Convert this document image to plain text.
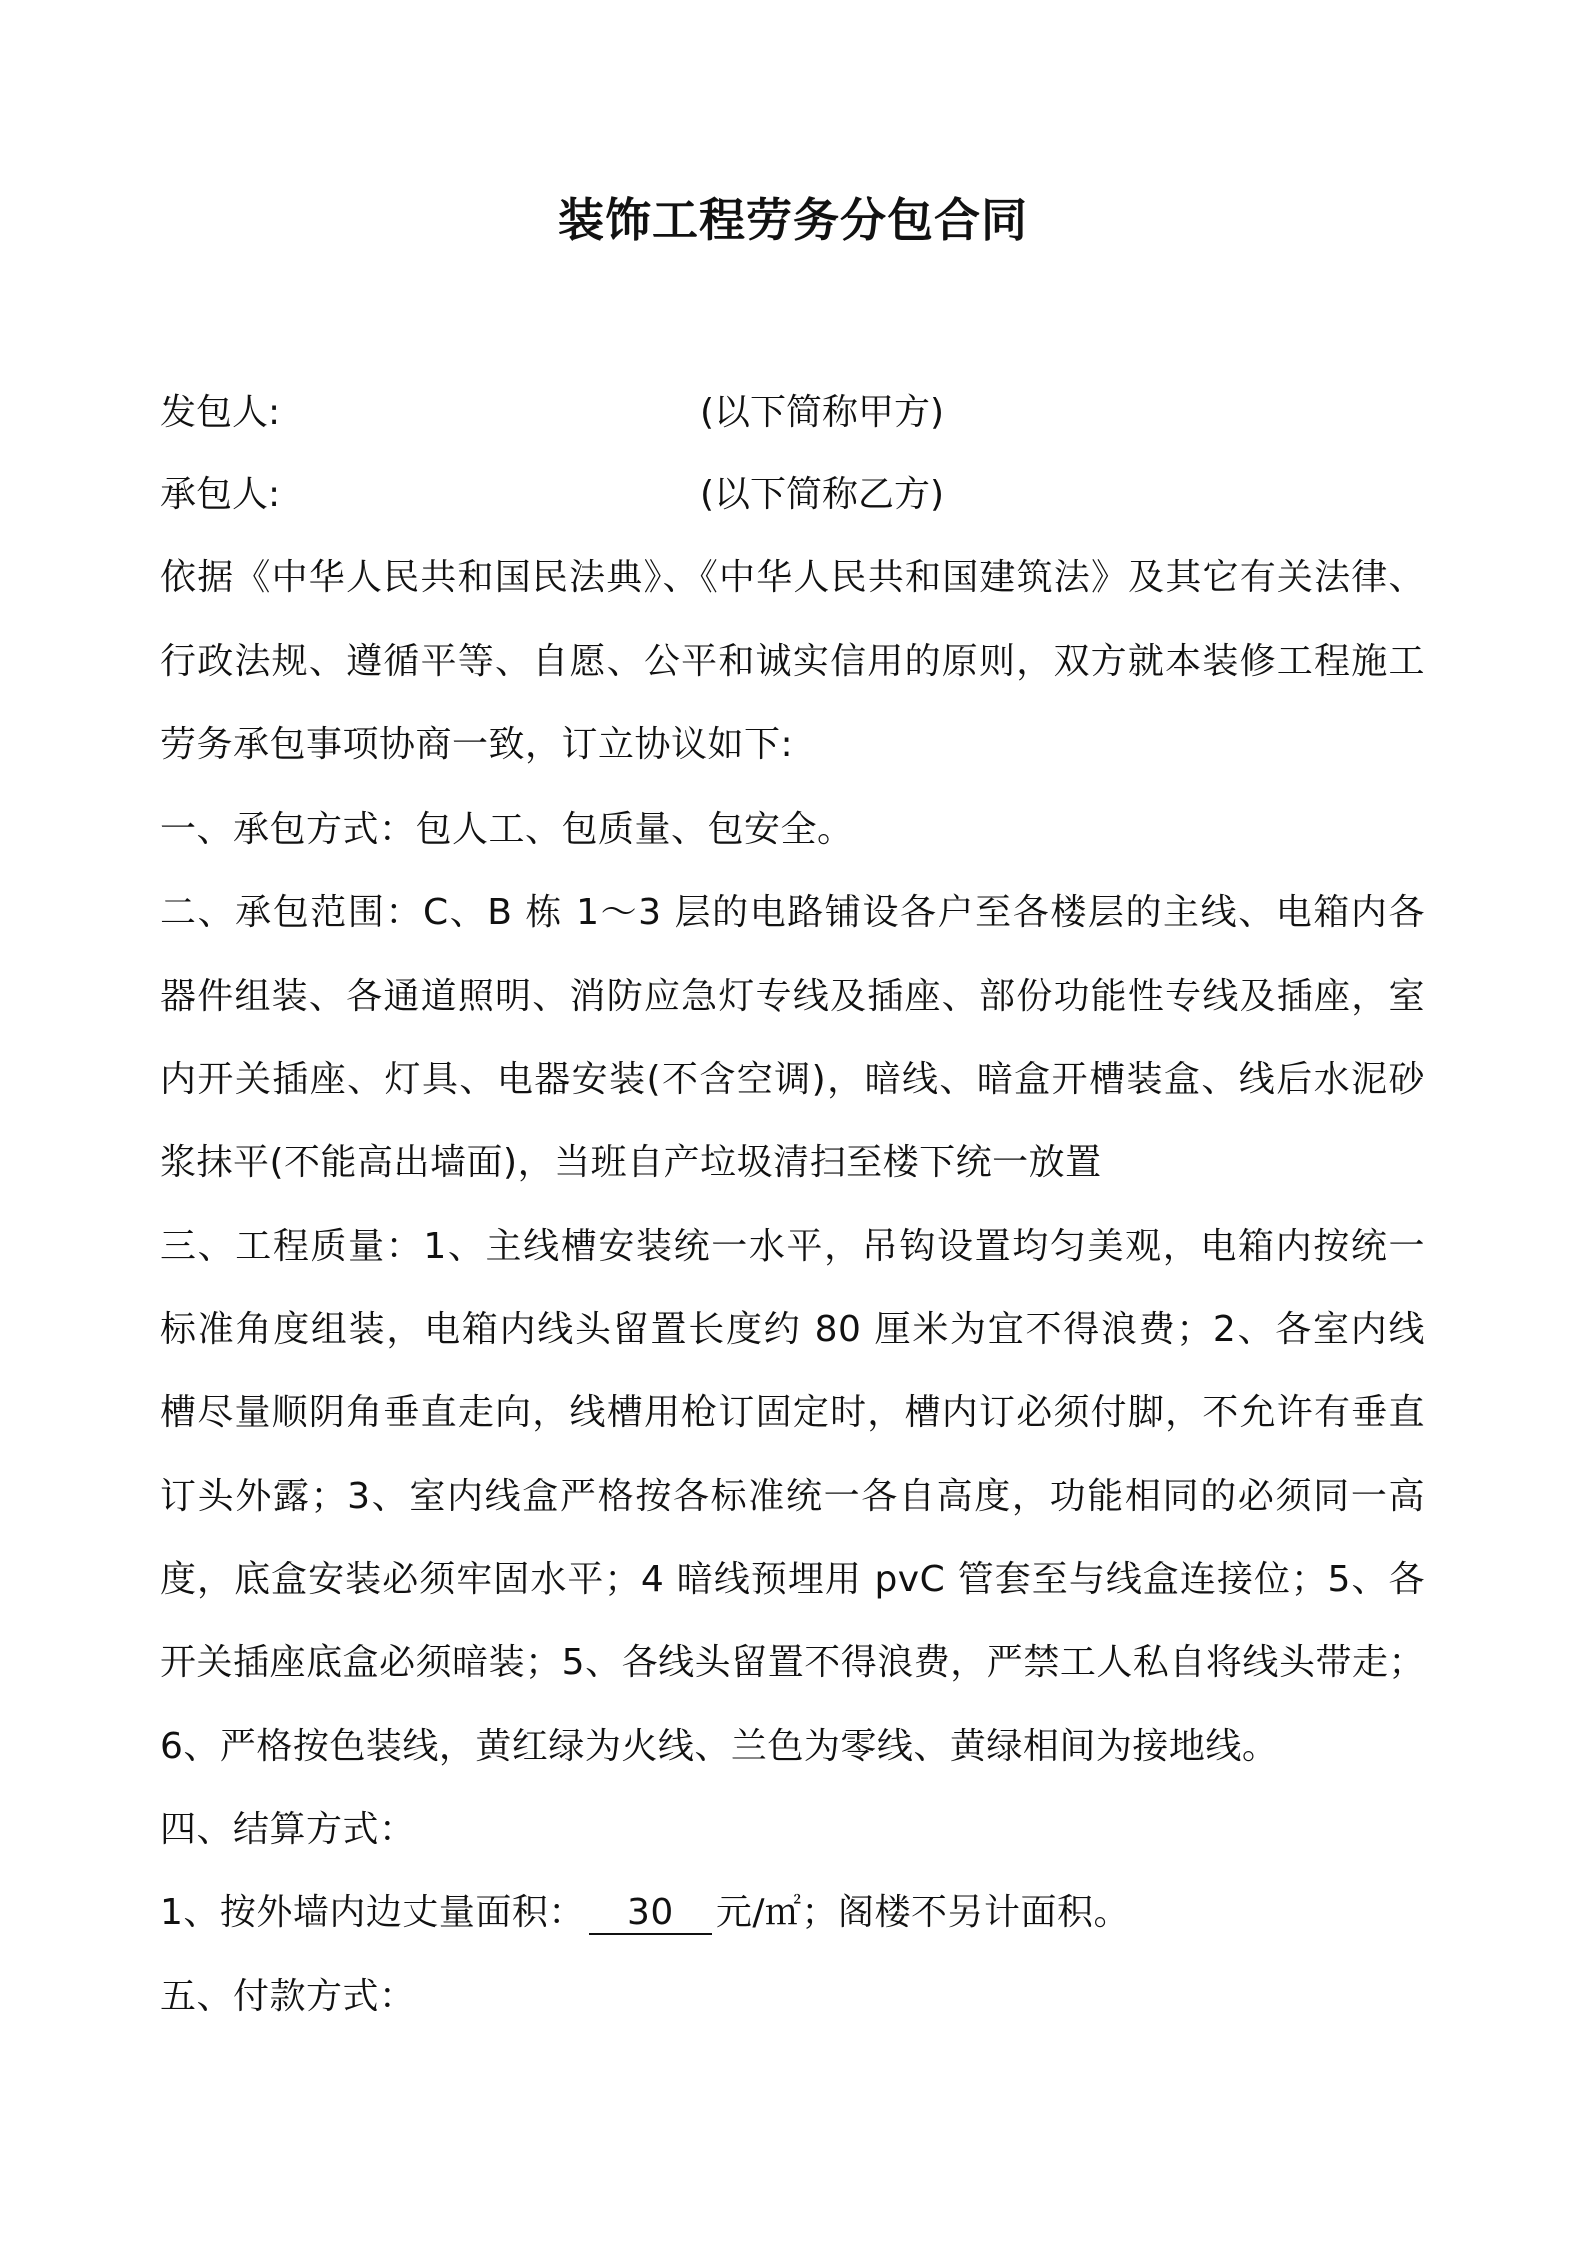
装饰工程劳务分包合同
发包人:	(以下简称甲方)
承包人:	(以下简称乙方)
依据《中华人民共和国民法典》、《中华人民共和国建筑法》及其它有关法律、
行政法规、遵循平等、自愿、公平和诚实信用的原则，双方就本装修工程施工
劳务承包事项协商一致，订立协议如下:
一、承包方式：包人工、包质量、包安全。
二、承包范围：C、B 栋 1～3 层的电路铺设各户至各楼层的主线、电箱内各
器件组装、各通道照明、消防应急灯专线及插座、部份功能性专线及插座，室
内开关插座、灯具、电器安装(不含空调)，暗线、暗盒开槽装盒、线后水泥砂
浆抹平(不能高出墙面)，当班自产垃圾清扫至楼下统一放置
三、工程质量：1、主线槽安装统一水平，吊钩设置均匀美观，电箱内按统一
标准角度组装，电箱内线头留置长度约 80 厘米为宜不得浪费；2、各室内线
槽尽量顺阴角垂直走向，线槽用枪订固定时，槽内订必须付脚，不允许有垂直
订头外露；3、室内线盒严格按各标准统一各自高度，功能相同的必须同一高
度，底盒安装必须牢固水平；4 暗线预埋用 pvC 管套至与线盒连接位；5、各
开关插座底盒必须暗装；5、各线头留置不得浪费，严禁工人私自将线头带走；
6、严格按色装线，黄红绿为火线、兰色为零线、黄绿相间为接地线。
四、结算方式：
1、按外墙内边丈量面积： 30 元/㎡；阁楼不另计面积。
五、付款方式：
